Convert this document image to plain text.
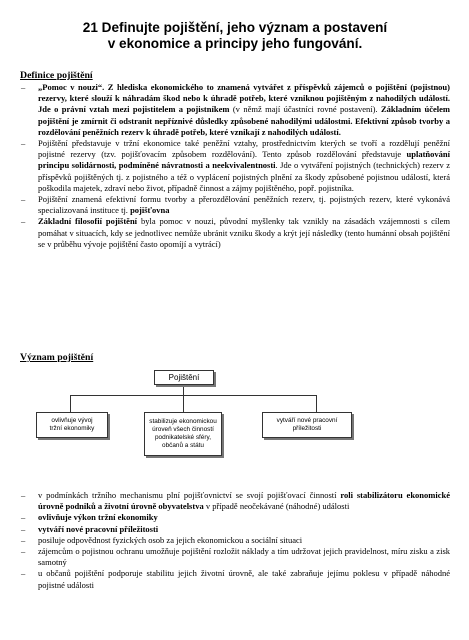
21 Definujte pojištění, jeho význam a postavení
v ekonomice a principy jeho fungování.
Definice pojištění
– „Pomoc v nouzi“. Z hlediska ekonomického to znamená vytvářet z příspěvků zájemců o pojištění (pojistnou) rezervy, které slouží k náhradám škod nebo k úhradě potřeb, které vzniknou pojištěným z nahodilých událostí. Jde o právní vztah mezi pojistitelem a pojistníkem (v němž mají účastníci rovné postavení). Základním účelem pojištění je zmírnit či odstranit nepříznivé důsledky způsobené nahodilými událostmi. Efektivní způsob tvorby a rozdělování peněžních rezerv k úhradě potřeb, které vznikají z nahodilých událostí.
– Pojištění představuje v tržní ekonomice také peněžní vztahy, prostřednictvím kterých se tvoří a rozdělují peněžní pojistné rezervy (tzv. pojišťovacím způsobem rozdělování). Tento způsob rozdělování představuje uplatňování principu solidárnosti, podmíněné návratnosti a neekvivalentnosti. Jde o vytváření pojistných (technických) rezerv z příspěvků pojištěných tj. z pojistného a též o vyplácení pojistných plnění za škody způsobené pojistnou událostí, která poškodila majetek, zdraví nebo život, případně činnost a zájmy pojištěného, popř. pojistníka.
– Pojištění znamená efektivní formu tvorby a přerozdělování peněžních rezerv, tj. pojistných rezerv, které vykonává specializovaná instituce tj. pojišťovna
– Základní filosofií pojištění byla pomoc v nouzi, původní myšlenky tak vznikly na zásadách vzájemnosti s cílem pomáhat v situacích, kdy se jednotlivec nemůže ubránit vzniku škody a krýt její následky (tento humánní obsah pojištění se v průběhu vývoje pojištění často opomíjí a vytrácí)
Význam pojištění
Pojištění
ovlivňuje vývoj
tržní ekonomiky
stabilizuje ekonomickou
úroveň všech činností
podnikatelské sféry,
občanů a státu
vytváří nové pracovní
příležitosti
– v podmínkách tržního mechanismu plní pojišťovnictví se svojí pojišťovací činností roli stabilizátoru ekonomické úrovně podniků a životní úrovně obyvatelstva v případě neočekávané (náhodné) události
– ovlivňuje výkon tržní ekonomiky
– vytváří nové pracovní příležitosti
– posiluje odpovědnost fyzických osob za jejich ekonomickou a sociální situaci
– zájemcům o pojistnou ochranu umožňuje pojištění rozložit náklady a tím udržovat jejich pravidelnost, míru zisku a zisk samotný
– u občanů pojištění podporuje stabilitu jejich životní úrovně, ale také zabraňuje jejímu poklesu v případě náhodné pojistné události
